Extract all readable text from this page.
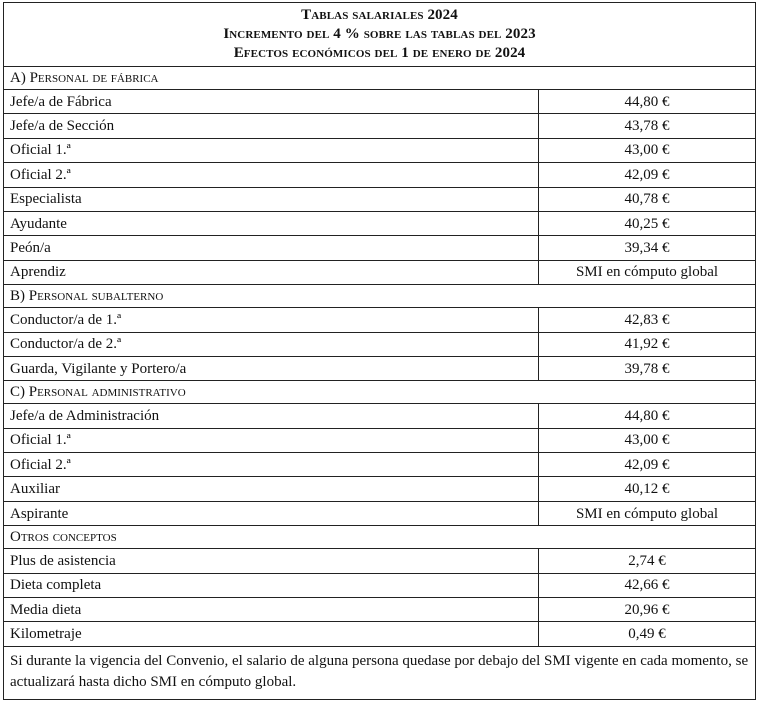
Tablas salariales 2024
Incremento del 4 % sobre las tablas del 2023
Efectos económicos del 1 de enero de 2024	

A) Personal de fábrica	
Jefe/a de Fábrica	44,80 €
Jefe/a de Sección	43,78 €
Oficial 1.ª	43,00 €
Oficial 2.ª	42,09 €
Especialista	40,78 €
Ayudante	40,25 €
Peón/a	39,34 €
Aprendiz	SMI en cómputo global
B) Personal subalterno	
Conductor/a de 1.ª	42,83 €
Conductor/a de 2.ª	41,92 €
Guarda, Vigilante y Portero/a	39,78 €
C) Personal administrativo	
Jefe/a de Administración	44,80 €
Oficial 1.ª	43,00 €
Oficial 2.ª	42,09 €
Auxiliar	40,12 €
Aspirante	SMI en cómputo global
Otros conceptos	
Plus de asistencia	2,74 €
Dieta completa	42,66 €
Media dieta	20,96 €
Kilometraje	0,49 €
Si durante la vigencia del Convenio, el salario de alguna persona quedase por debajo del SMI vigente en cada momento, se actualizará hasta dicho SMI en cómputo global.	
